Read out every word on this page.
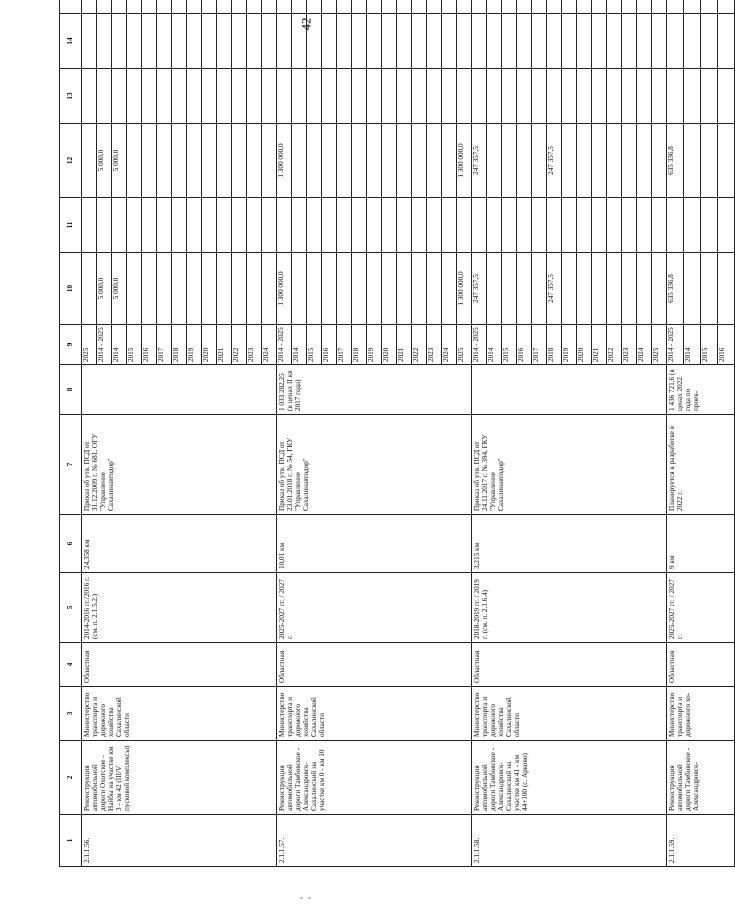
42
1	2	3	4	5	6	7	8	9	10	11	12	13	14	
2.1.1.56.	Реконструкция автомобильной дороги Охотское - Найбы на участке км 3 - км 42 (III/V пусковой комплексы)	Министерство транспорта и дорожного хозяйства Сахалинской области	Областная	2014-2016 гг./2016 г. (см. п. 2.1.5.2.)	24,358 км	Приказ об утв. ПСД от 31.12.2009 г. № 681, ОГУ "Управление Сахалинавтодор"		2025						
								2014 - 2025	5 000,0		5 000,0			
								2014	5 000,0		5 000,0			
								2015						
								2016						
								2017						
								2018						
								2019						
								2020						
								2021						
								2022						
								2023						
								2024						
2.1.1.57.	Реконструкция автомобильной дороги Тамбовское - Александровск-Сахалинский на участке км 0 - км 10	Министерство транспорта и дорожного хозяйства Сахалинской области	Областная	2025-2027 гг. / 2027 г.	10,01 км	Приказ об утв. ПСД от 23.01.2018 г. № 54, ГКУ "Управление Сахалинавтодор"	1 033 282,25 (в ценах II кв 2017 года)	2014 - 2025	1 300 000,0		1 300 000,0			
								2014						
								2015						
								2016						
								2017						
								2018						
								2019						
								2020						
								2021						
								2022						
								2023						
								2024						
								2025	1 300 000,0		1 300 000,0			
2.1.1.58.	Реконструкция автомобильной дороги Тамбовское - Александровск-Сахалинский на участке км 41 - км 44+100 (с. Арково)	Министерство транспорта и дорожного хозяйства Сахалинской области	Областная	2018-2019 гг. / 2019 г. (см. п. 2.1.6.4)	3,215 км	Приказ об утв. ПСД от 24.11.2017 г. № 394, ГКУ "Управление Сахалинавтодор"		2014 - 2025	247 357,5		247 357,5			
								2014						
								2015						
								2016						
								2017						
								2018	247 357,5		247 357,5			
								2019						
								2020						
								2021						
								2022						
								2023						
								2024						
								2025						
2.1.1.59.	Реконструкция автомобильной дороги Тамбовское - Александровск-	Министерство транспорта и дорожного хо-	Областная	2025-2027 гг. / 2027 г.	9 км	Планируется к разработке в 2022 г.	1 436 721,6 (в ценах 2022 года по проек-	2014 - 2025	635 336,8		635 336,8			
								2014						
								2015						
								2016						
